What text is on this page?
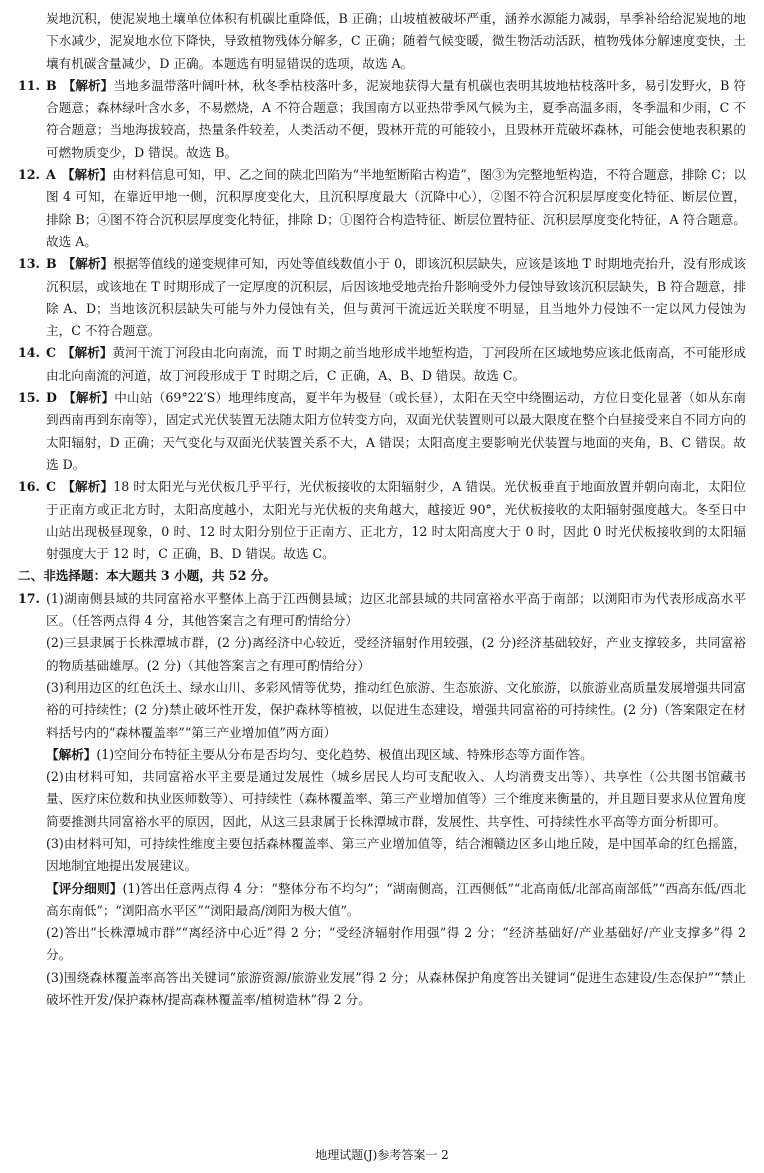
炭地沉积，使泥炭地土壤单位体积有机碳比重降低，B 正确；山坡植被破坏严重，涵养水源能力减弱，旱季补给给泥炭地的地下水减少，泥炭地水位下降快，导致植物残体分解多，C 正确；随着气候变暖，微生物活动活跃，植物残体分解速度变快，土壤有机碳含量减少，D 正确。本题选有明显错误的选项，故选 A。

11. B 【解析】当地多温带落叶阔叶林，秋冬季枯枝落叶多，泥炭地获得大量有机碳也表明其坡地枯枝落叶多，易引发野火，B 符合题意；森林绿叶含水多，不易燃烧，A 不符合题意；我国南方以亚热带季风气候为主，夏季高温多雨，冬季温和少雨，C 不符合题意；当地海拔较高，热量条件较差，人类活动不便，毁林开荒的可能较小，且毁林开荒破坏森林，可能会使地表积累的可燃物质变少，D 错误。故选 B。

12. A 【解析】由材料信息可知，甲、乙之间的陕北凹陷为“半地堑断陷古构造”，图③为完整地堑构造，不符合题意，排除 C；以图 4 可知，在靠近甲地一侧，沉积厚度变化大，且沉积厚度最大（沉降中心），②图不符合沉积层厚度变化特征、断层位置，排除 B；④图不符合沉积层厚度变化特征，排除 D；①图符合构造特征、断层位置特征、沉积层厚度变化特征，A 符合题意。故选 A。

13. B 【解析】根据等值线的递变规律可知，丙处等值线数值小于 0，即该沉积层缺失，应该是该地 T 时期地壳抬升，没有形成该沉积层，或该地在 T 时期形成了一定厚度的沉积层，后因该地受地壳抬升影响受外力侵蚀导致该沉积层缺失，B 符合题意，排除 A、D；当地该沉积层缺失可能与外力侵蚀有关，但与黄河干流远近关联度不明显，且当地外力侵蚀不一定以风力侵蚀为主，C 不符合题意。

14. C 【解析】黄河干流丁河段由北向南流，而 T 时期之前当地形成半地堑构造，丁河段所在区域地势应该北低南高，不可能形成由北向南流的河道，故丁河段形成于 T 时期之后，C 正确，A、B、D 错误。故选 C。

15. D 【解析】中山站（69°22′S）地理纬度高，夏半年为极昼（或长昼），太阳在天空中绕圈运动，方位日变化显著（如从东南到西南再到东南等），固定式光伏装置无法随太阳方位转变方向，双面光伏装置则可以最大限度在整个白昼接受来自不同方向的太阳辐射，D 正确；天气变化与双面光伏装置关系不大，A 错误；太阳高度主要影响光伏装置与地面的夹角，B、C 错误。故选 D。

16. C 【解析】18 时太阳光与光伏板几乎平行，光伏板接收的太阳辐射少，A 错误。光伏板垂直于地面放置并朝向南北，太阳位于正南方或正北方时，太阳高度越小，太阳光与光伏板的夹角越大，越接近 90°，光伏板接收的太阳辐射强度越大。冬至日中山站出现极昼现象，0 时、12 时太阳分别位于正南方、正北方，12 时太阳高度大于 0 时，因此 0 时光伏板接收到的太阳辐射强度大于 12 时，C 正确，B、D 错误。故选 C。

二、非选择题：本大题共 3 小题，共 52 分。

17. (1)湖南侧县域的共同富裕水平整体上高于江西侧县域；边区北部县域的共同富裕水平高于南部；以浏阳市为代表形成高水平区。（任答两点得 4 分，其他答案言之有理可酌情给分）

(2)三县隶属于长株潭城市群，(2 分)离经济中心较近，受经济辐射作用较强，(2 分)经济基础较好，产业支撑较多，共同富裕的物质基础雄厚。(2 分)（其他答案言之有理可酌情给分）

(3)利用边区的红色沃土、绿水山川、多彩风情等优势，推动红色旅游、生态旅游、文化旅游，以旅游业高质量发展增强共同富裕的可持续性；(2 分)禁止破坏性开发，保护森林等植被，以促进生态建设，增强共同富裕的可持续性。(2 分)（答案限定在材料括号内的“森林覆盖率”“第三产业增加值”两方面）

【解析】(1)空间分布特征主要从分布是否均匀、变化趋势、极值出现区域、特殊形态等方面作答。

(2)由材料可知，共同富裕水平主要是通过发展性（城乡居民人均可支配收入、人均消费支出等）、共享性（公共图书馆藏书量、医疗床位数和执业医师数等）、可持续性（森林覆盖率、第三产业增加值等）三个维度来衡量的，并且题目要求从位置角度简要推测共同富裕水平的原因，因此，从这三县隶属于长株潭城市群，发展性、共享性、可持续性水平高等方面分析即可。

(3)由材料可知，可持续性维度主要包括森林覆盖率、第三产业增加值等，结合湘赣边区多山地丘陵，是中国革命的红色摇篮，因地制宜地提出发展建议。

【评分细则】(1)答出任意两点得 4 分：“整体分布不均匀”；“湖南侧高，江西侧低”“北高南低/北部高南部低”“西高东低/西北高东南低”；“浏阳高水平区”“浏阳最高/浏阳为极大值”。

(2)答出“长株潭城市群”“离经济中心近”得 2 分；“受经济辐射作用强”得 2 分；“经济基础好/产业基础好/产业支撑多”得 2 分。

(3)围绕森林覆盖率高答出关键词“旅游资源/旅游业发展”得 2 分；从森林保护角度答出关键词“促进生态建设/生态保护”“禁止破坏性开发/保护森林/提高森林覆盖率/植树造林”得 2 分。

地理试题(J)参考答案一 2
